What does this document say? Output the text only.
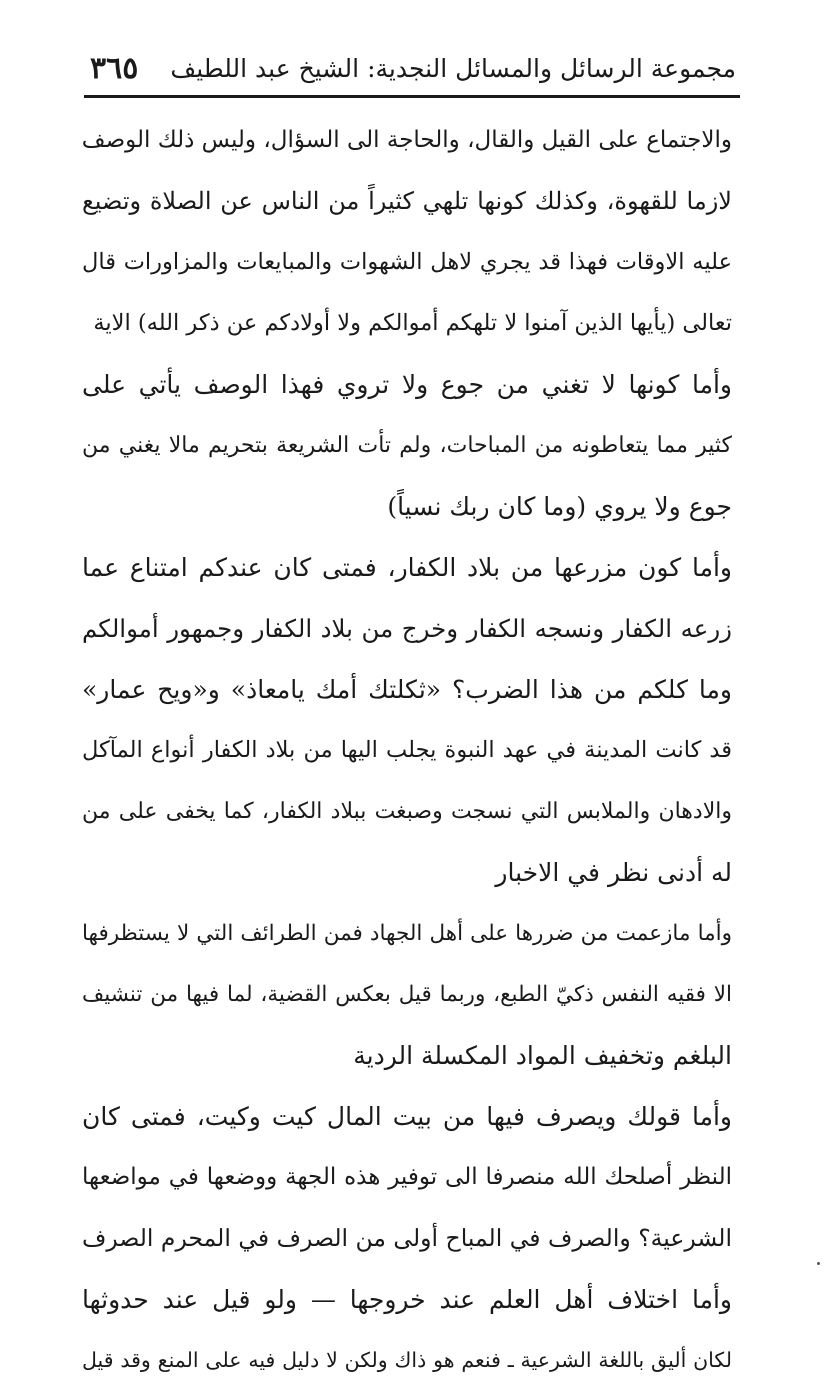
مجموعة الرسائل والمسائل النجدية: الشيخ عبد اللطيف
٣٦٥
والاجتماع على القيل والقال، والحاجة الى السؤال، وليس ذلك الوصف
لازما للقهوة، وكذلك كونها تلهي كثيراً من الناس عن الصلاة وتضيع
عليه الاوقات فهذا قد يجري لاهل الشهوات والمبايعات والمزاورات قال
تعالى (يأيها الذين آمنوا لا تلهكم أموالكم ولا أولادكم عن ذكر الله) الاية
وأما كونها لا تغني من جوع ولا تروي فهذا الوصف يأتي على
كثير مما يتعاطونه من المباحات، ولم تأت الشريعة بتحريم مالا يغني من
جوع ولا يروي (وما كان ربك نسياً)
وأما كون مزرعها من بلاد الكفار، فمتى كان عندكم امتناع عما
زرعه الكفار ونسجه الكفار وخرج من بلاد الكفار وجمهور أموالكم
وما كلكم من هذا الضرب؟ «ثكلتك أمك يامعاذ» و«ويح عمار»
قد كانت المدينة في عهد النبوة يجلب اليها من بلاد الكفار أنواع المآكل
والادهان والملابس التي نسجت وصبغت ببلاد الكفار، كما يخفى على من
له أدنى نظر في الاخبار
وأما مازعمت من ضررها على أهل الجهاد فمن الطرائف التي لا يستظرفها
الا فقيه النفس ذكيّ الطبع، وربما قيل بعكس القضية، لما فيها من تنشيف
البلغم وتخفيف المواد المكسلة الردية
وأما قولك ويصرف فيها من بيت المال كيت وكيت، فمتى كان
النظر أصلحك الله منصرفا الى توفير هذه الجهة ووضعها في مواضعها
الشرعية؟ والصرف في المباح أولى من الصرف في المحرم الصرف
وأما اختلاف أهل العلم عند خروجها — ولو قيل عند حدوثها
لكان أليق باللغة الشرعية ـ فنعم هو ذاك ولكن لا دليل فيه على المنع وقد قيل
